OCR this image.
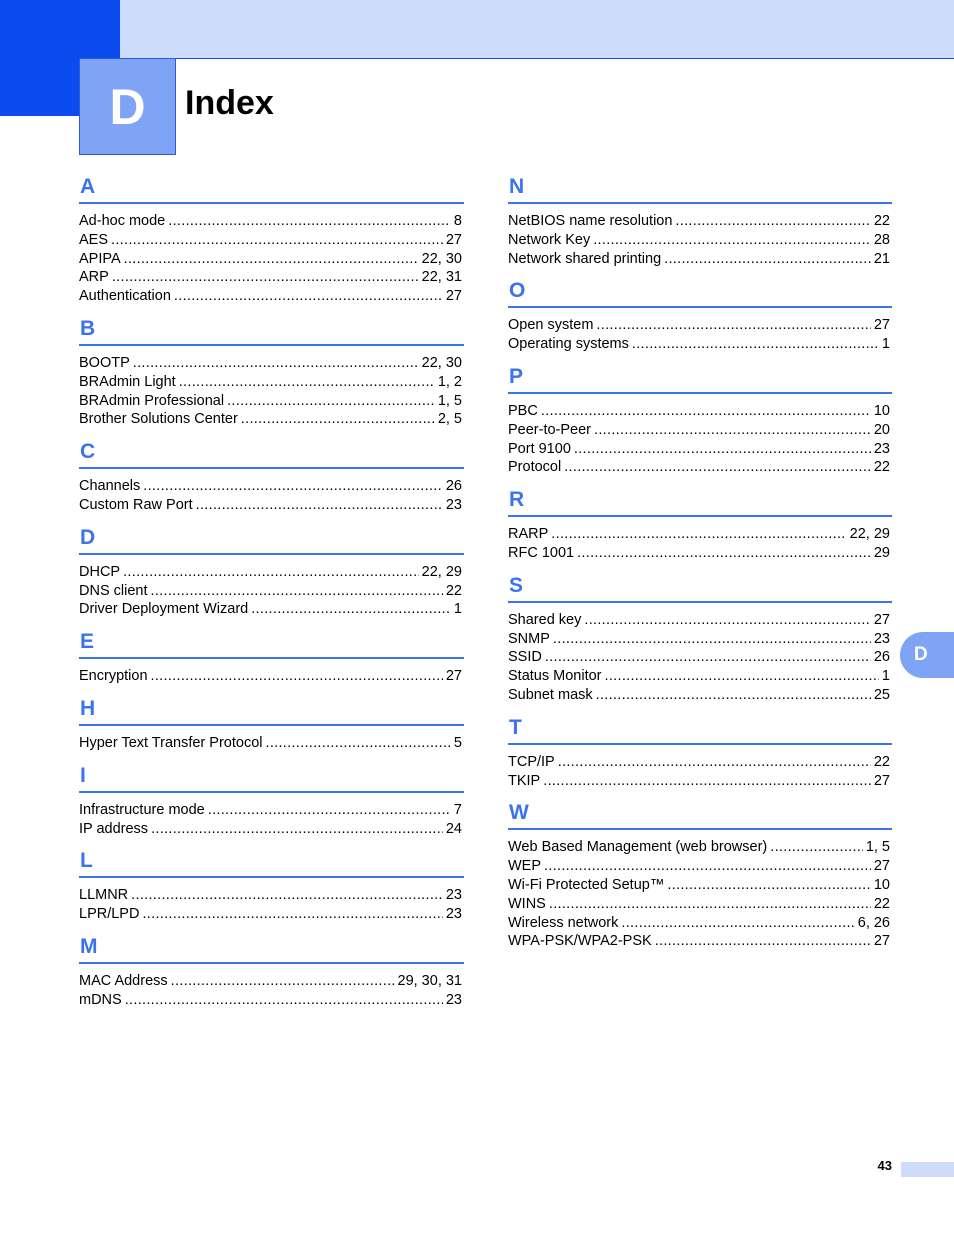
D Index
A
Ad-hoc mode .....	8
AES .....	27
APIPA .....	22, 30
ARP .....	22, 31
Authentication .....	27
B
BOOTP .....	22, 30
BRAdmin Light .....	1, 2
BRAdmin Professional .....	1, 5
Brother Solutions Center .....	2, 5
C
Channels .....	26
Custom Raw Port .....	23
D
DHCP .....	22, 29
DNS client .....	22
Driver Deployment Wizard .....	1
E
Encryption .....	27
H
Hyper Text Transfer Protocol .....	5
I
Infrastructure mode .....	7
IP address .....	24
L
LLMNR .....	23
LPR/LPD .....	23
M
MAC Address .....	29, 30, 31
mDNS .....	23
N
NetBIOS name resolution .....	22
Network Key .....	28
Network shared printing .....	21
O
Open system .....	27
Operating systems .....	1
P
PBC .....	10
Peer-to-Peer .....	20
Port 9100 .....	23
Protocol .....	22
R
RARP .....	22, 29
RFC 1001 .....	29
S
Shared key .....	27
SNMP .....	23
SSID .....	26
Status Monitor .....	1
Subnet mask .....	25
T
TCP/IP .....	22
TKIP .....	27
W
Web Based Management (web browser) .....	1, 5
WEP .....	27
Wi-Fi Protected Setup™ .....	10
WINS .....	22
Wireless network .....	6, 26
WPA-PSK/WPA2-PSK .....	27
D
43
